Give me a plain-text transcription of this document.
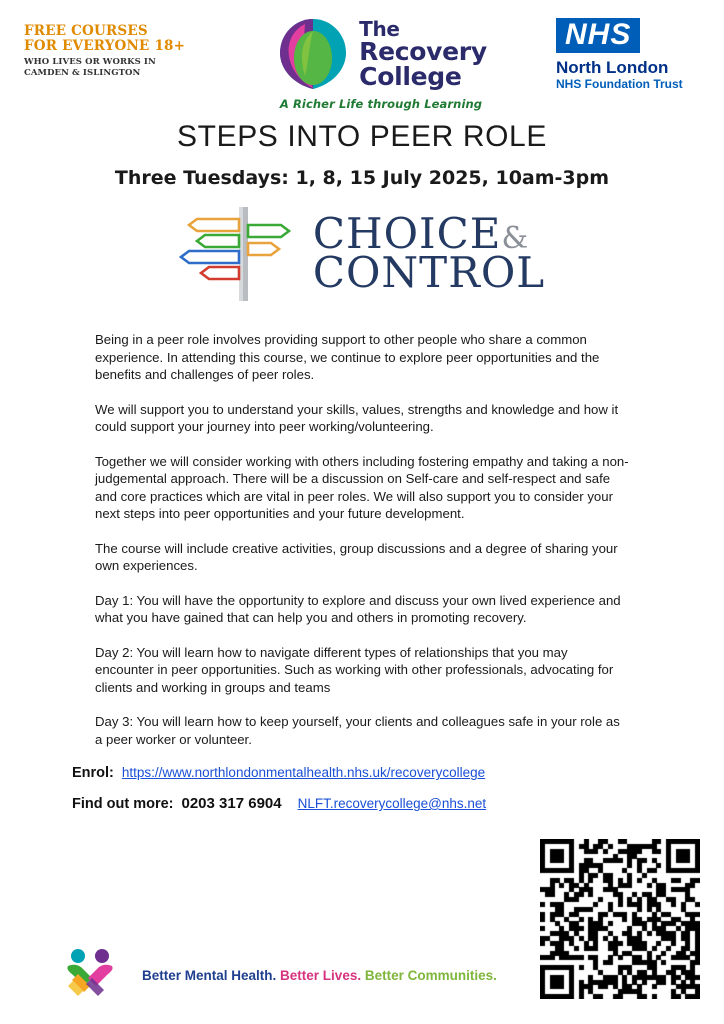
FREE COURSES
FOR EVERYONE 18+
WHO LIVES OR WORKS IN
CAMDEN & ISLINGTON
The
Recovery
College
A Richer Life through Learning
NHS
North London
NHS Foundation Trust
STEPS INTO PEER ROLE
Three Tuesdays: 1, 8, 15 July 2025, 10am-3pm
CHOICE&
CONTROL

Being in a peer role involves providing support to other people who share a common experience. In attending this course, we continue to explore peer opportunities and the benefits and challenges of peer roles.

We will support you to understand your skills, values, strengths and knowledge and how it could support your journey into peer working/volunteering.

Together we will consider working with others including fostering empathy and taking a non-judgemental approach. There will be a discussion on Self-care and self-respect and safe and core practices which are vital in peer roles. We will also support you to consider your next steps into peer opportunities and your future development.

The course will include creative activities, group discussions and a degree of sharing your own experiences.

Day 1: You will have the opportunity to explore and discuss your own lived experience and what you have gained that can help you and others in promoting recovery.

Day 2: You will learn how to navigate different types of relationships that you may encounter in peer opportunities. Such as working with other professionals, advocating for clients and working in groups and teams

Day 3: You will learn how to keep yourself, your clients and colleagues safe in your role as a peer worker or volunteer.

Enrol: https://www.northlondonmentalhealth.nhs.uk/recoverycollege
Find out more: 0203 317 6904 NLFT.recoverycollege@nhs.net
Better Mental Health. Better Lives. Better Communities.
